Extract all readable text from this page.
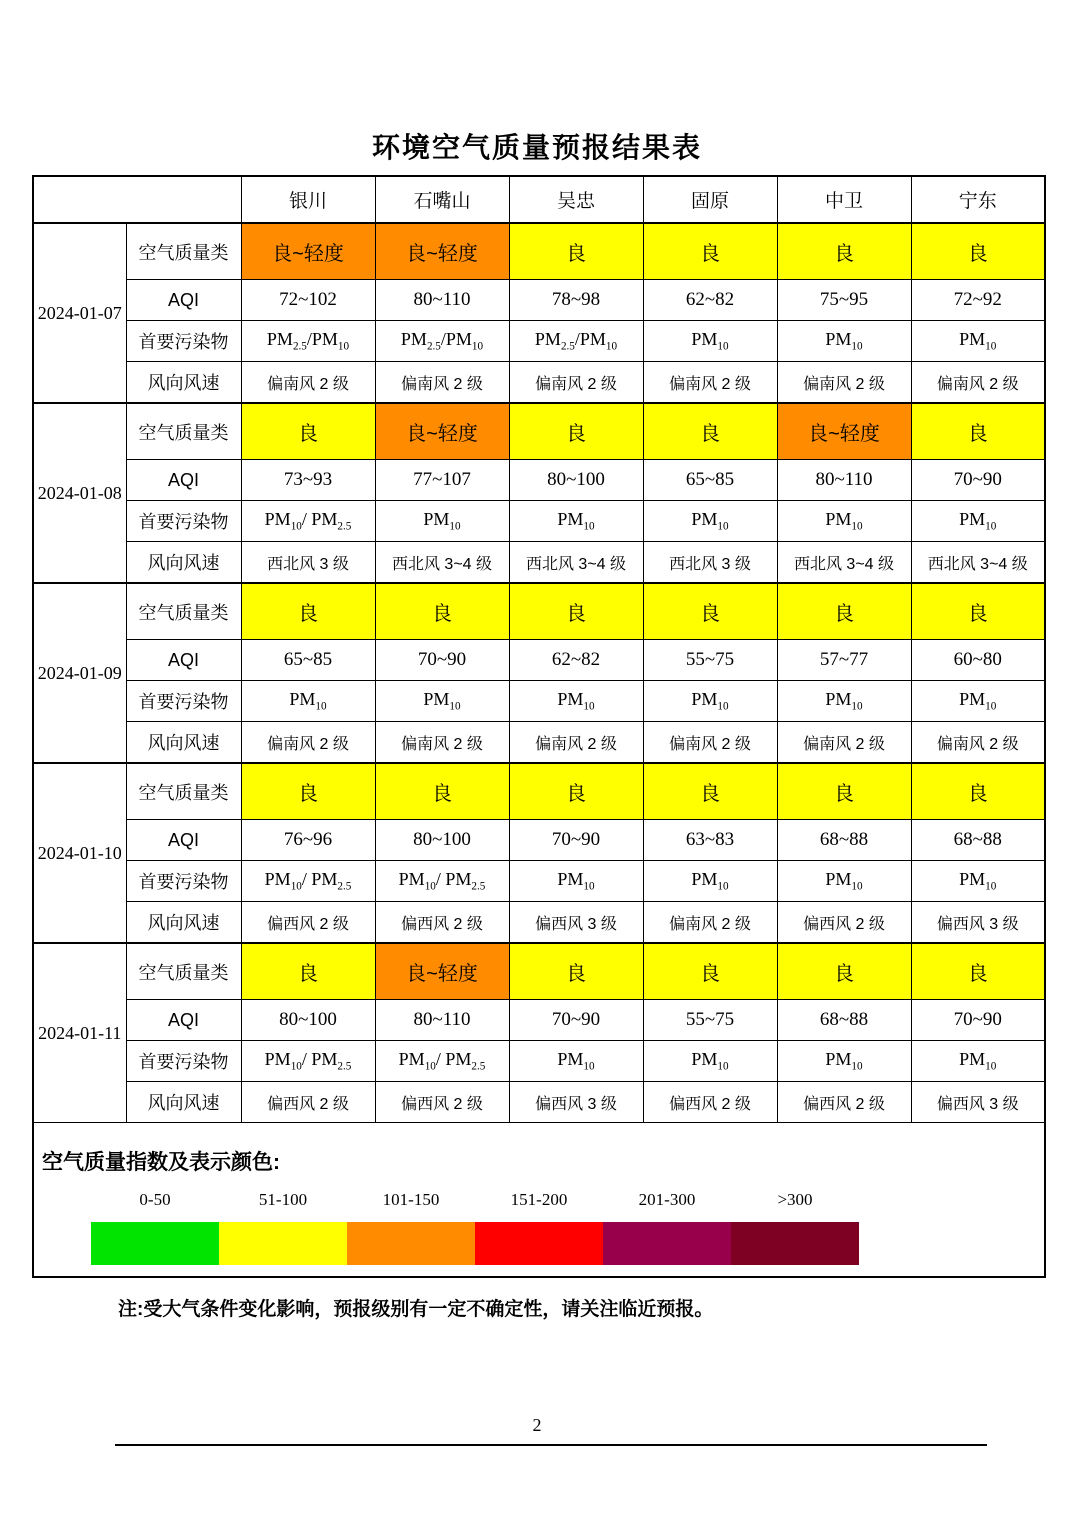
环境空气质量预报结果表
		银川	石嘴山	吴忠	固原	中卫	宁东
2024-01-07	空气质量类	良~轻度	良~轻度	良	良	良	良
	AQI	72~102	80~110	78~98	62~82	75~95	72~92
	首要污染物	$PM_{2.5}/PM_{10}$	$PM_{2.5}/PM_{10}$	$PM_{2.5}/PM_{10}$	$PM_{10}$	$PM_{10}$	$PM_{10}$
	风向风速	偏南风 2 级	偏南风 2 级	偏南风 2 级	偏南风 2 级	偏南风 2 级	偏南风 2 级
2024-01-08	空气质量类	良	良~轻度	良	良	良~轻度	良
	AQI	73~93	77~107	80~100	65~85	80~110	70~90
	首要污染物	$PM_{10}/$ $PM_{2.5}$	$PM_{10}$	$PM_{10}$	$PM_{10}$	$PM_{10}$	$PM_{10}$
	风向风速	西北风 3 级	西北风 3~4 级	西北风 3~4 级	西北风 3 级	西北风 3~4 级	西北风 3~4 级
2024-01-09	空气质量类	良	良	良	良	良	良
	AQI	65~85	70~90	62~82	55~75	57~77	60~80
	首要污染物	$PM_{10}$	$PM_{10}$	$PM_{10}$	$PM_{10}$	$PM_{10}$	$PM_{10}$
	风向风速	偏南风 2 级	偏南风 2 级	偏南风 2 级	偏南风 2 级	偏南风 2 级	偏南风 2 级
2024-01-10	空气质量类	良	良	良	良	良	良
	AQI	76~96	80~100	70~90	63~83	68~88	68~88
	首要污染物	$PM_{10}/$ $PM_{2.5}$	$PM_{10}/$ $PM_{2.5}$	$PM_{10}$	$PM_{10}$	$PM_{10}$	$PM_{10}$
	风向风速	偏西风 2 级	偏西风 2 级	偏西风 3 级	偏南风 2 级	偏西风 2 级	偏西风 3 级
2024-01-11	空气质量类	良	良~轻度	良	良	良	良
	AQI	80~100	80~110	70~90	55~75	68~88	70~90
	首要污染物	$PM_{10}/$ $PM_{2.5}$	$PM_{10}/$ $PM_{2.5}$	$PM_{10}$	$PM_{10}$	$PM_{10}$	$PM_{10}$
	风向风速	偏西风 2 级	偏西风 2 级	偏西风 3 级	偏西风 2 级	偏西风 2 级	偏西风 3 级

空气质量指数及表示颜色:
0-50	51-100	101-150	151-200	201-300	>300
注:受大气条件变化影响，预报级别有一定不确定性，请关注临近预报。
2
